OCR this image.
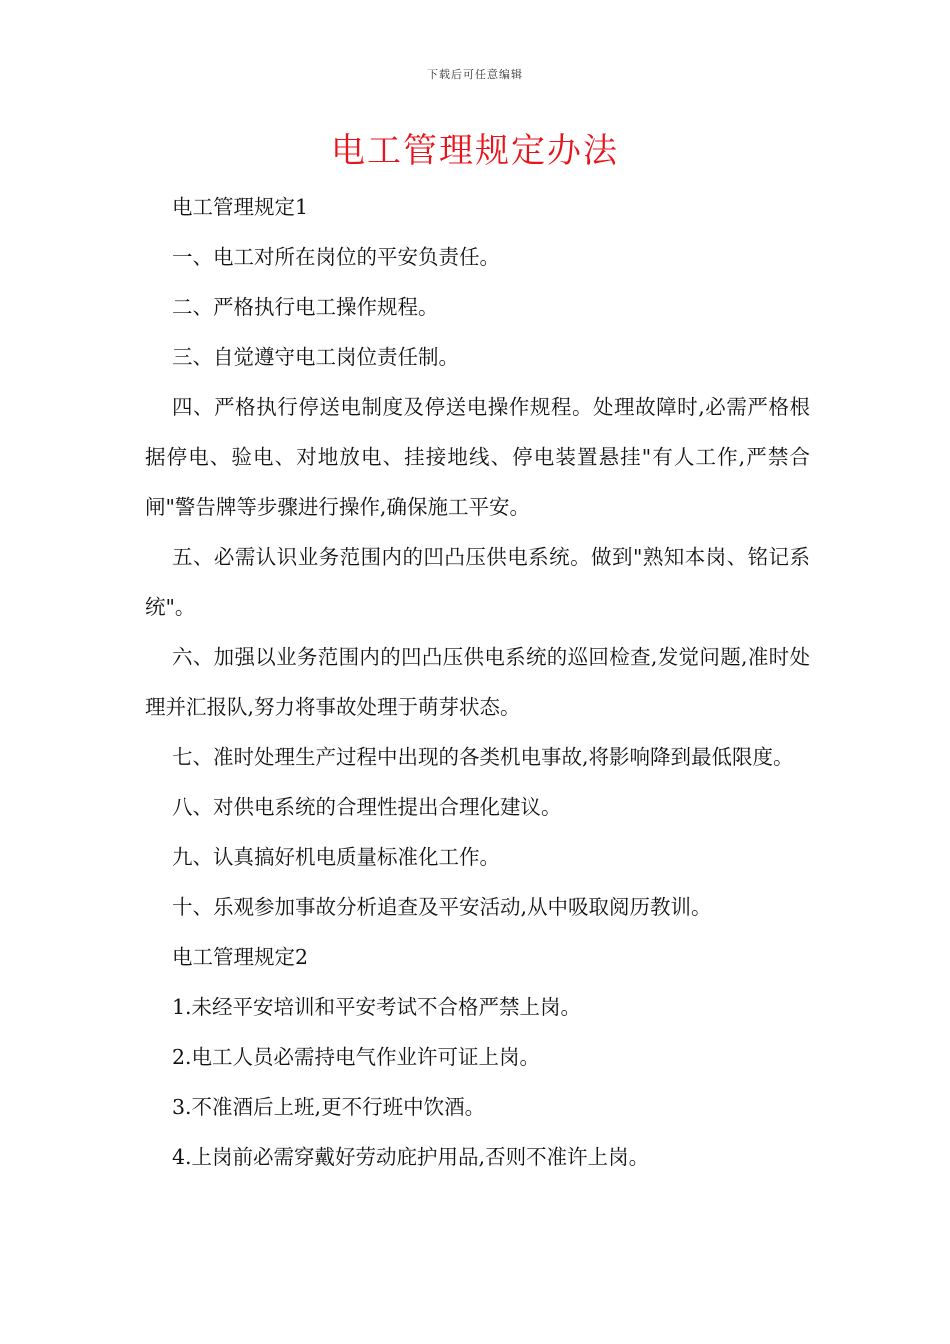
下载后可任意编辑
电工管理规定办法

电工管理规定1

一、电工对所在岗位的平安负责任。

二、严格执行电工操作规程。

三、自觉遵守电工岗位责任制。

四、严格执行停送电制度及停送电操作规程。处理故障时,必需严格根据停电、验电、对地放电、挂接地线、停电装置悬挂"有人工作,严禁合闸"警告牌等步骤进行操作,确保施工平安。

五、必需认识业务范围内的凹凸压供电系统。做到"熟知本岗、铭记系统"。

六、加强以业务范围内的凹凸压供电系统的巡回检查,发觉问题,准时处理并汇报队,努力将事故处理于萌芽状态。

七、准时处理生产过程中出现的各类机电事故,将影响降到最低限度。

八、对供电系统的合理性提出合理化建议。

九、认真搞好机电质量标准化工作。

十、乐观参加事故分析追查及平安活动,从中吸取阅历教训。

电工管理规定2

1.未经平安培训和平安考试不合格严禁上岗。

2.电工人员必需持电气作业许可证上岗。

3.不准酒后上班,更不行班中饮酒。

4.上岗前必需穿戴好劳动庇护用品,否则不准许上岗。
